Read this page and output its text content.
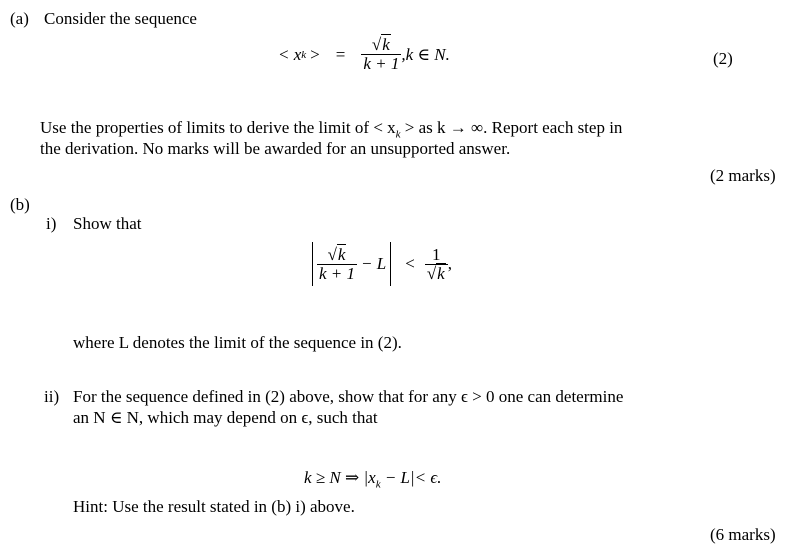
(a) Consider the sequence
< x k > = $\frac{√k}{k + 1} ,k$ ∈ N.	(2)
Use the properties of limits to derive the limit of < $x_k$ > as k → ∞. Report each step in
the derivation. No marks will be awarded for an unsupported answer.
(2 marks)
(b)
i) Show that
$\frac{√k}{k + 1} - L < \frac{1}{√k}$ ,
where L denotes the limit of the sequence in (2).
ii) For the sequence defined in (2) above, show that for any ϵ > 0 one can determine
an N ∈ N, which may depend on ϵ, such that
k ≥ N ⇒ $|x_k - L|< \epsilon$.
Hint: Use the result stated in (b) i) above.
(6 marks)
